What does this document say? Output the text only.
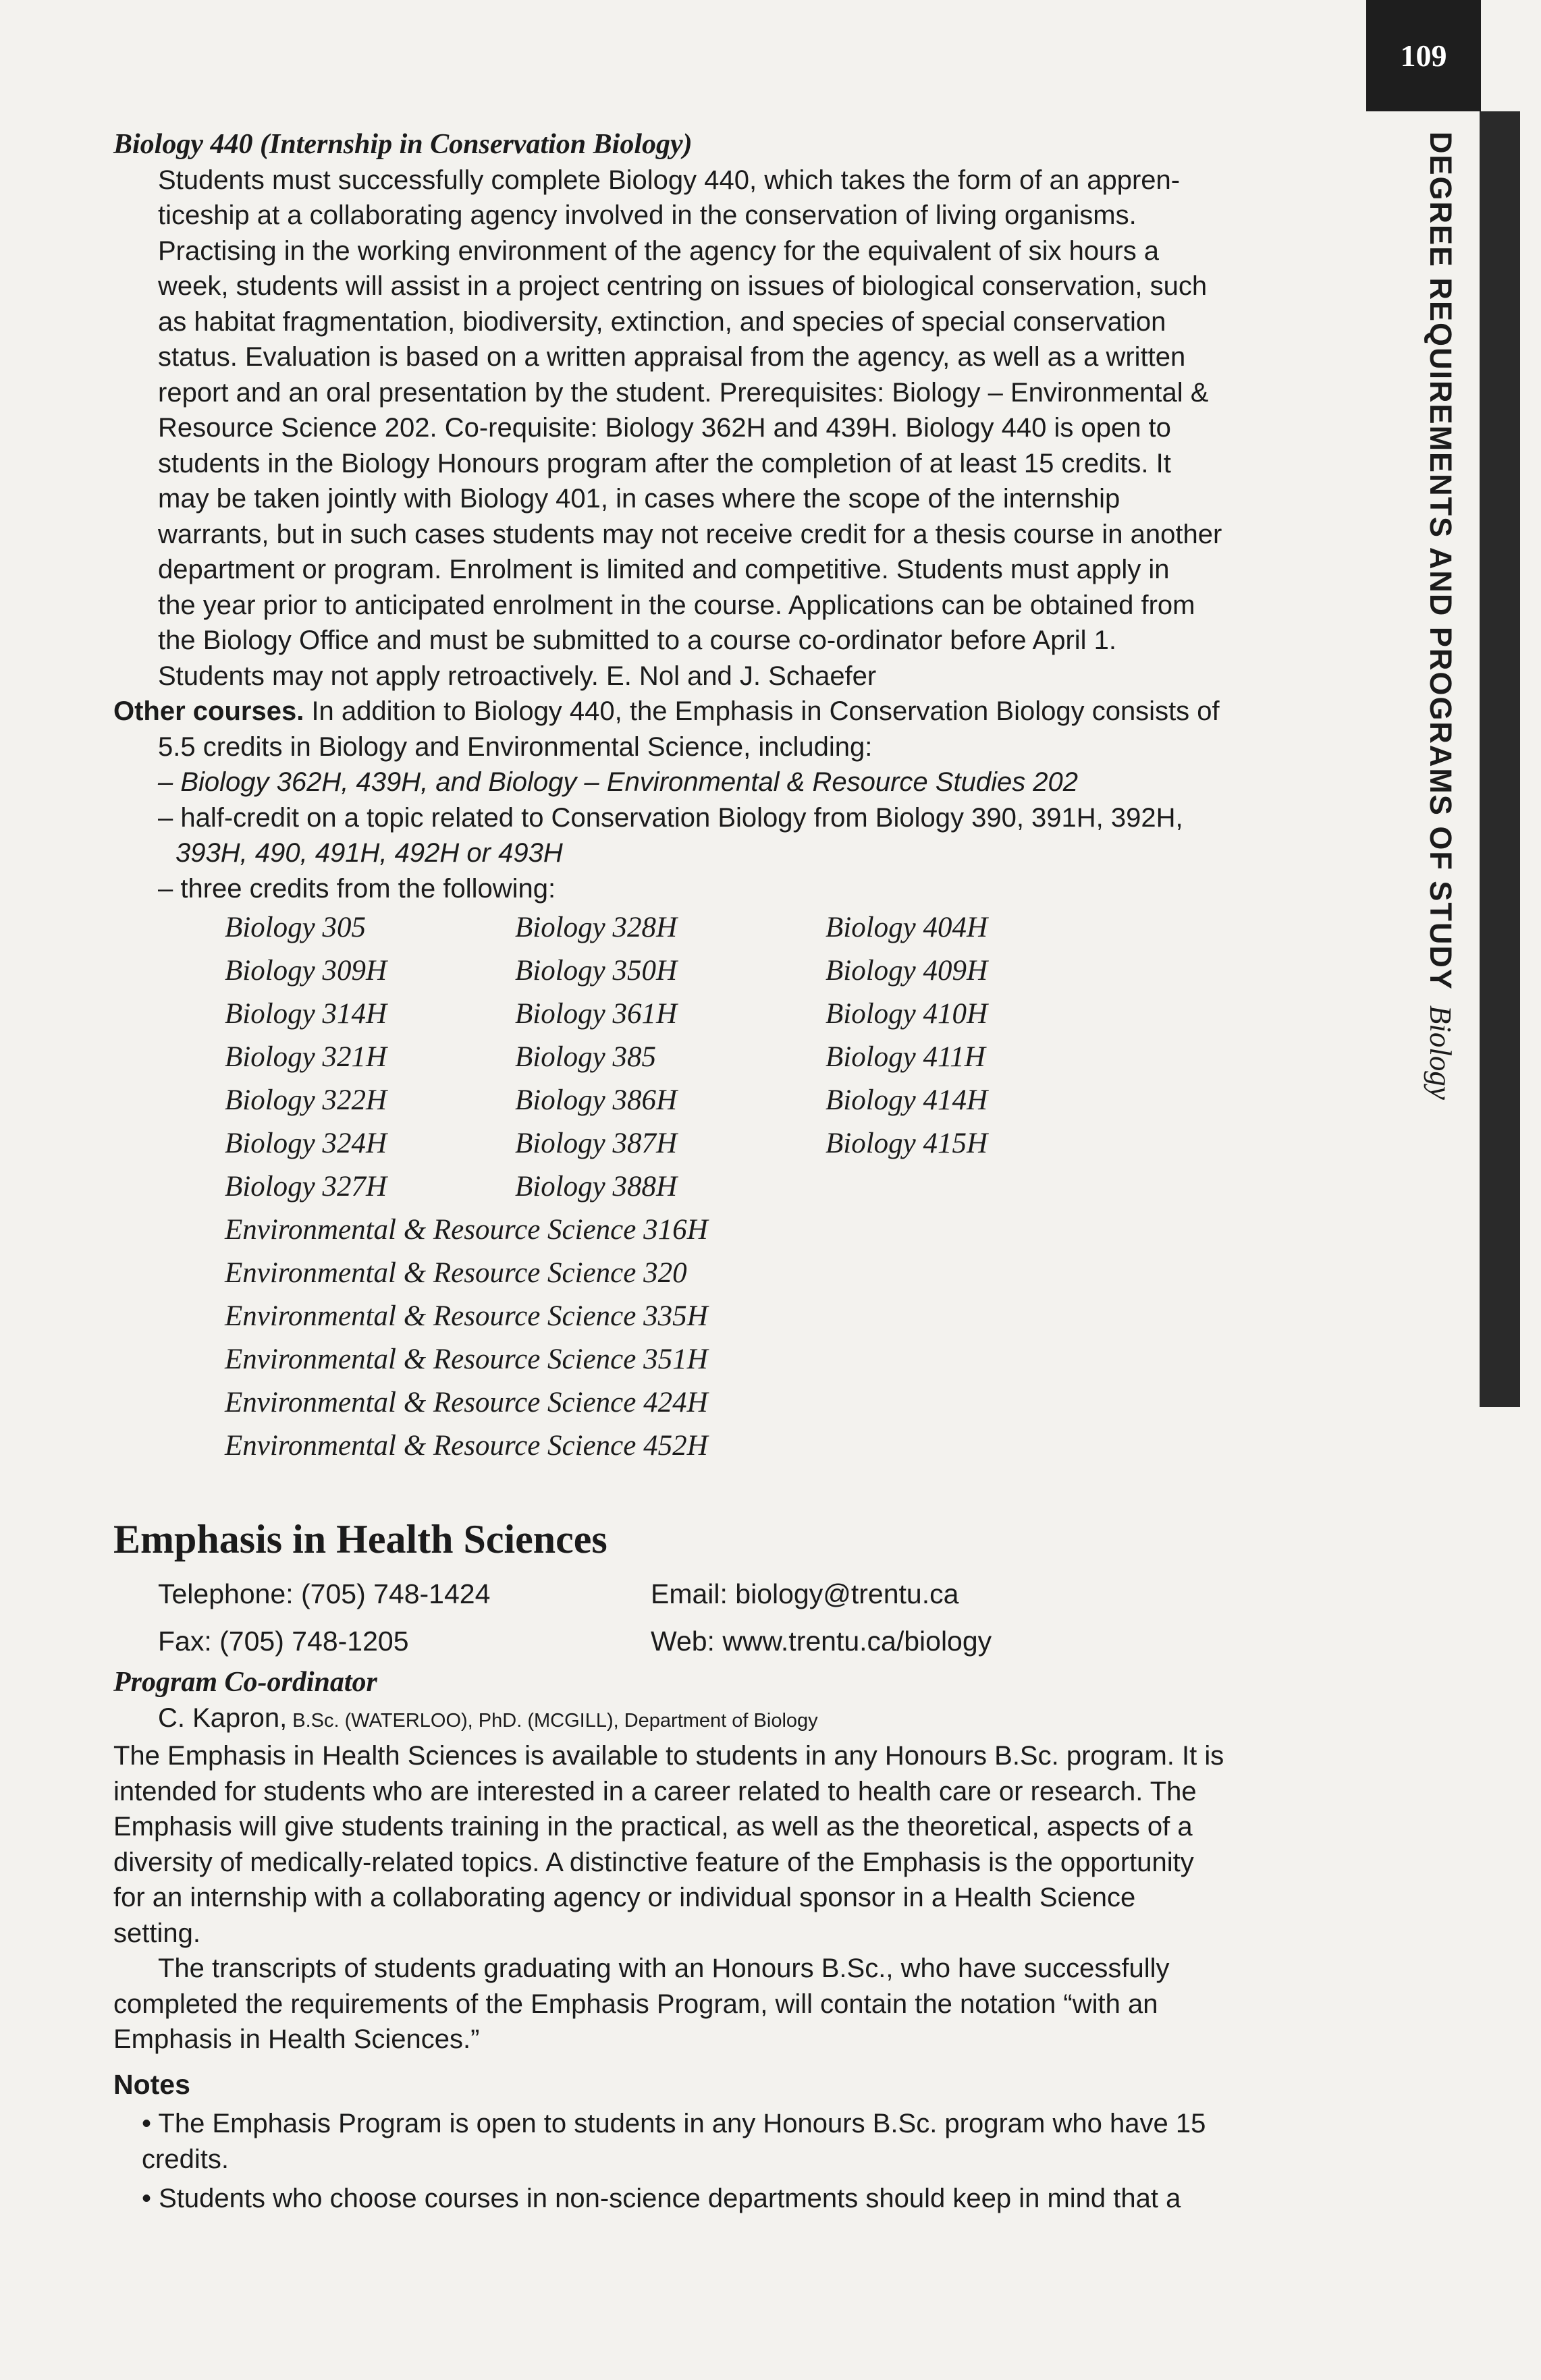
109
DEGREE REQUIREMENTS AND PROGRAMS OF STUDYBiology

Biology 440 (Internship in Conservation Biology)

Students must successfully complete Biology 440, which takes the form of an appren-
ticeship at a collaborating agency involved in the conservation of living organisms.
Practising in the working environment of the agency for the equivalent of six hours a
week, students will assist in a project centring on issues of biological conservation, such
as habitat fragmentation, biodiversity, extinction, and species of special conservation
status. Evaluation is based on a written appraisal from the agency, as well as a written
report and an oral presentation by the student. Prerequisites: Biology – Environmental &
Resource Science 202. Co-requisite: Biology 362H and 439H. Biology 440 is open to
students in the Biology Honours program after the completion of at least 15 credits. It
may be taken jointly with Biology 401, in cases where the scope of the internship
warrants, but in such cases students may not receive credit for a thesis course in another
department or program. Enrolment is limited and competitive. Students must apply in
the year prior to anticipated enrolment in the course. Applications can be obtained from
the Biology Office and must be submitted to a course co-ordinator before April 1.
Students may not apply retroactively. E. Nol and J. Schaefer
Other courses. In addition to Biology 440, the Emphasis in Conservation Biology consists of
5.5 credits in Biology and Environmental Science, including:
– Biology 362H, 439H, and Biology – Environmental & Resource Studies 202
– half-credit on a topic related to Conservation Biology from Biology 390, 391H, 392H,
393H, 490, 491H, 492H or 493H
– three credits from the following:
Biology 305	Biology 328H	Biology 404H
Biology 309H	Biology 350H	Biology 409H
Biology 314H	Biology 361H	Biology 410H
Biology 321H	Biology 385	Biology 411H
Biology 322H	Biology 386H	Biology 414H
Biology 324H	Biology 387H	Biology 415H
Biology 327H	Biology 388H
Environmental & Resource Science 316H
Environmental & Resource Science 320
Environmental & Resource Science 335H
Environmental & Resource Science 351H
Environmental & Resource Science 424H
Environmental & Resource Science 452H
Emphasis in Health Sciences
Telephone: (705) 748-1424	Email: biology@trentu.ca
Fax: (705) 748-1205	Web: www.trentu.ca/biology

Program Co-ordinator

C. Kapron, B.Sc. (WATERLOO), PhD. (MCGILL), Department of Biology
The Emphasis in Health Sciences is available to students in any Honours B.Sc. program. It is
intended for students who are interested in a career related to health care or research. The
Emphasis will give students training in the practical, as well as the theoretical, aspects of a
diversity of medically-related topics. A distinctive feature of the Emphasis is the opportunity
for an internship with a collaborating agency or individual sponsor in a Health Science
setting.
The transcripts of students graduating with an Honours B.Sc., who have successfully
completed the requirements of the Emphasis Program, will contain the notation “with an
Emphasis in Health Sciences.”
Notes
• The Emphasis Program is open to students in any Honours B.Sc. program who have 15
credits.
• Students who choose courses in non-science departments should keep in mind that a
